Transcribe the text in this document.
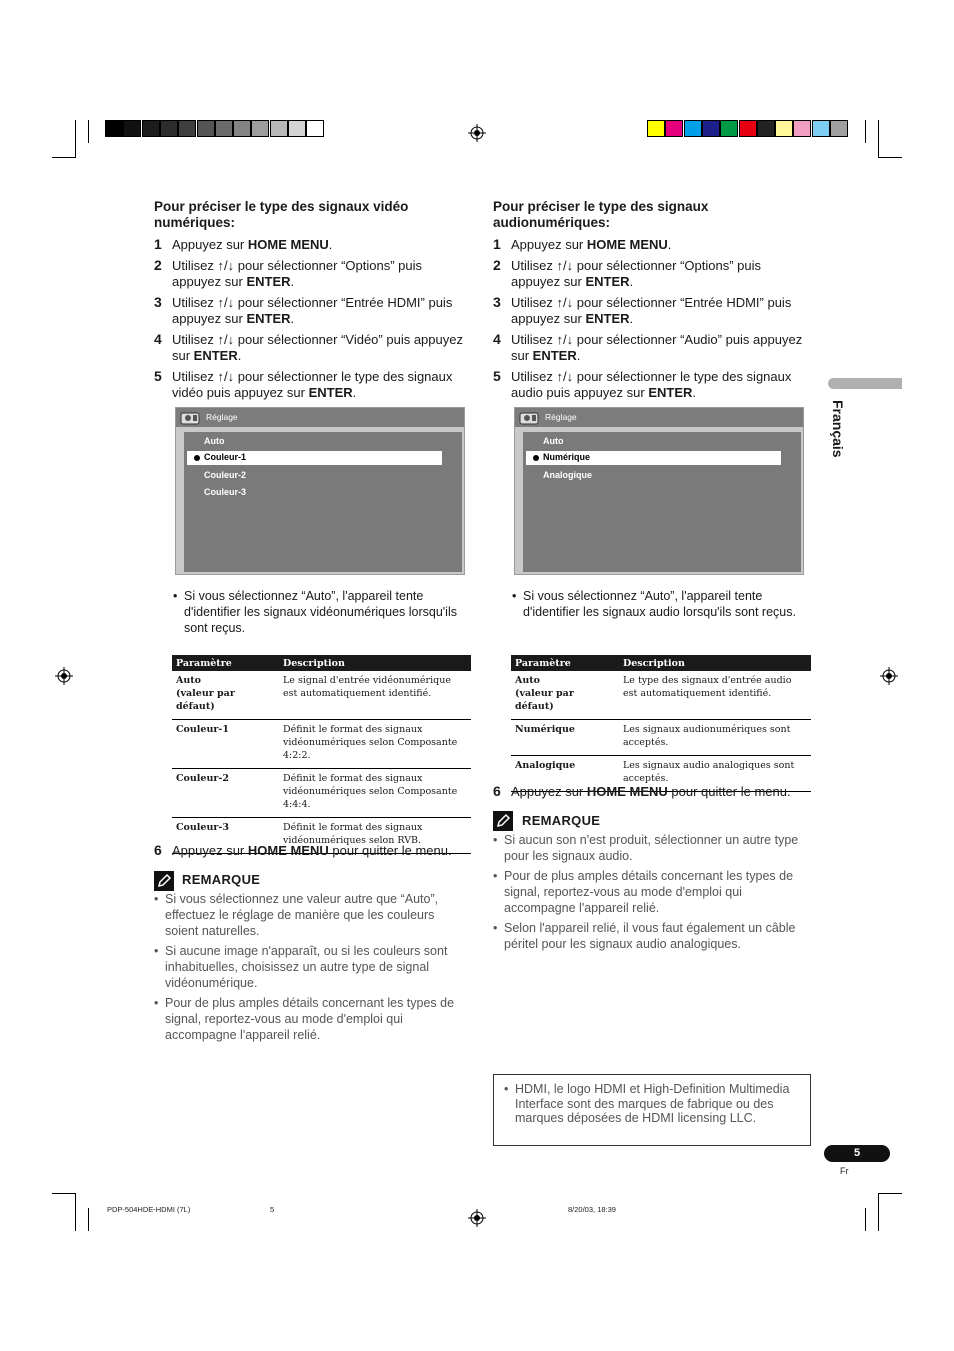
Pour préciser le type des signaux vidéo numériques:

1 Appuyez sur HOME MENU.
2 Utilisez ↑/↓ pour sélectionner “Options” puis appuyez sur ENTER.
3 Utilisez ↑/↓ pour sélectionner “Entrée HDMI” puis appuyez sur ENTER.
4 Utilisez ↑/↓ pour sélectionner “Vidéo” puis appuyez sur ENTER.
5 Utilisez ↑/↓ pour sélectionner le type des signaux vidéo puis appuyez sur ENTER.
Réglage
Auto
Couleur-1
Couleur-2
Couleur-3
• Si vous sélectionnez “Auto”, l'appareil tente d'identifier les signaux vidéonumériques lorsqu'ils sont reçus.
Paramètre	Description

Auto
(valeur par défaut)	Le signal d'entrée vidéonumérique est automatiquement identifié.

Couleur-1	Définit le format des signaux vidéonumériques selon Composante 4:2:2.

Couleur-2	Définit le format des signaux vidéonumériques selon Composante 4:4:4.

Couleur-3	Définit le format des signaux vidéonumériques selon RVB.
6 Appuyez sur HOME MENU pour quitter le menu.
REMARQUE
• Si vous sélectionnez une valeur autre que “Auto”, effectuez le réglage de manière que les couleurs soient naturelles.
• Si aucune image n'apparaît, ou si les couleurs sont inhabituelles, choisissez un autre type de signal vidéonumérique.
• Pour de plus amples détails concernant les types de signal, reportez-vous au mode d'emploi qui accompagne l'appareil relié.

Pour préciser le type des signaux audionumériques:

1 Appuyez sur HOME MENU.
2 Utilisez ↑/↓ pour sélectionner “Options” puis appuyez sur ENTER.
3 Utilisez ↑/↓ pour sélectionner “Entrée HDMI” puis appuyez sur ENTER.
4 Utilisez ↑/↓ pour sélectionner “Audio” puis appuyez sur ENTER.
5 Utilisez ↑/↓ pour sélectionner le type des signaux audio puis appuyez sur ENTER.
Réglage
Auto
Numérique
Analogique
• Si vous sélectionnez “Auto”, l'appareil tente d'identifier les signaux audio lorsqu'ils sont reçus.
Paramètre	Description

Auto
(valeur par défaut)	Le type des signaux d'entrée audio est automatiquement identifié.

Numérique	Les signaux audionumériques sont acceptés.

Analogique	Les signaux audio analogiques sont acceptés.
6 Appuyez sur HOME MENU pour quitter le menu.
REMARQUE
• Si aucun son n'est produit, sélectionner un autre type pour les signaux audio.
• Pour de plus amples détails concernant les types de signal, reportez-vous au mode d'emploi qui accompagne l'appareil relié.
• Selon l'appareil relié, il vous faut également un câble péritel pour les signaux audio analogiques.
• HDMI, le logo HDMI et High-Definition Multimedia Interface sont des marques de fabrique ou des marques déposées de HDMI licensing LLC.
Français
5
Fr
PDP-504HDE-HDMI (7L)	5	8/20/03, 18:39
